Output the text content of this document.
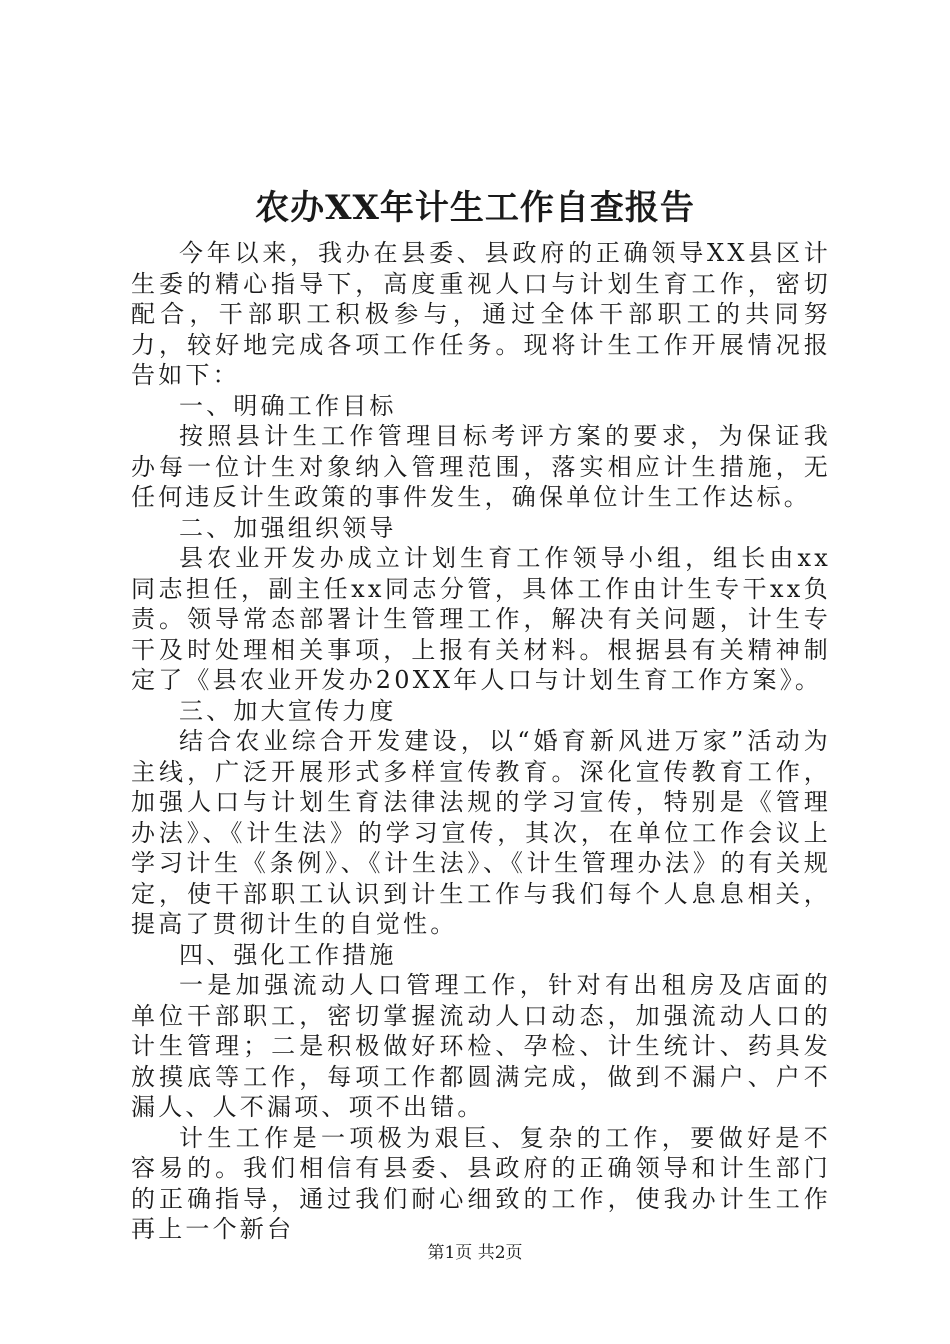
农办XX年计生工作自查报告

今年以来，我办在县委、县政府的正确领导XX县区计生委的精心指导下，高度重视人口与计划生育工作，密切配合，干部职工积极参与，通过全体干部职工的共同努力，较好地完成各项工作任务。现将计生工作开展情况报告如下：

一、明确工作目标

按照县计生工作管理目标考评方案的要求，为保证我办每一位计生对象纳入管理范围，落实相应计生措施，无任何违反计生政策的事件发生，确保单位计生工作达标。

二、加强组织领导

县农业开发办成立计划生育工作领导小组，组长由xx同志担任，副主任xx同志分管，具体工作由计生专干xx负责。领导常态部署计生管理工作，解决有关问题，计生专干及时处理相关事项，上报有关材料。根据县有关精神制定了《县农业开发办20XX年人口与计划生育工作方案》。

三、加大宣传力度

结合农业综合开发建设，以“婚育新风进万家”活动为主线，广泛开展形式多样宣传教育。深化宣传教育工作，加强人口与计划生育法律法规的学习宣传，特别是《管理办法》、《计生法》的学习宣传，其次，在单位工作会议上学习计生《条例》、《计生法》、《计生管理办法》的有关规定，使干部职工认识到计生工作与我们每个人息息相关，提高了贯彻计生的自觉性。

四、强化工作措施

一是加强流动人口管理工作，针对有出租房及店面的单位干部职工，密切掌握流动人口动态，加强流动人口的计生管理；二是积极做好环检、孕检、计生统计、药具发放摸底等工作，每项工作都圆满完成，做到不漏户、户不漏人、人不漏项、项不出错。

计生工作是一项极为艰巨、复杂的工作，要做好是不容易的。我们相信有县委、县政府的正确领导和计生部门的正确指导，通过我们耐心细致的工作，使我办计生工作再上一个新台

第1页 共2页
